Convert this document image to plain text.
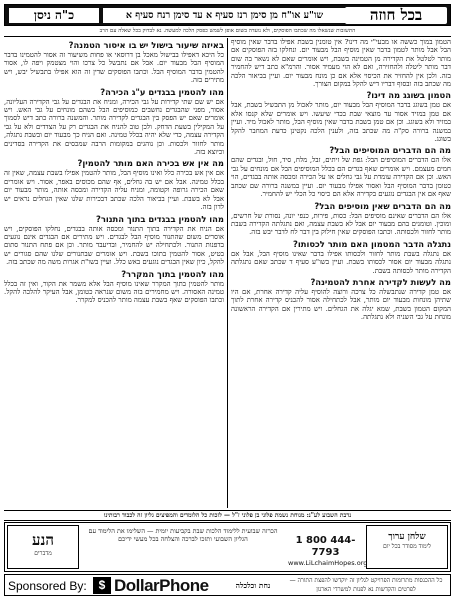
כ"ה ניסן	שו"ע או"ח מן סימן רנז סעיף א עד סימן רנח סעיף א	בכל חוזה
התשובות שנשאלו מה שכתבו הפוסקים, ולא נועדה בשום אופן לשמש כפסק הלכה למעשה. נא לבדוק בכל שאלה עם הרב
הטמון במוך כששה או מבעי"י מה דינו? אין טומנין בשבת אפילו בדבר שאין מוסיף הבל אבל מותר לטמון בדבר שאין מוסיף הבל מבעוד יום. ונחלקו בזה הפוסקים אם מותר לטלטל את הקדירה מן הטמינה בשבת, ויש אומרים שאם לא נשאר בה שום דבר מותר ליטלה ולהחזירה, ואם לא הוי מעמיד אסור. והרמ"א כתב דיש להחמיר בזה. ולכן אין להחזיר את הכיסוי אלא אם כן מונח מבעוד יום. ועיין בביאור הלכה מה שכתב בזה ובסוף דבריו דיש להקל במקום הצורך.
הטמון בשוגג מה דינו?
אם טמן בשוגג בדבר המוסיף הבל מבעוד יום, מותר לאכול מן התבשיל בשבת, אבל אם טמן במזיד אסור עד מוצאי שבת בכדי שיעשו. ויש אומרים שלא קנסו אלא במזיד ולא בשוגג. וכן אם טמן בשבת בדבר שאין מוסיף הבל, מותר לאכול מיד. ועיין במשנה ברורה סק"ה מה שכתב בזה, ולענין הלכה נקטינן כדעת המחבר להקל בשוגג.
מה הם הדברים המוסיפים הבל?
אלו הם הדברים המוסיפים הבל: גפת של זיתים, זבל, מלח, סיד, חול, ובגדים שהם חמים מעצמם. ויש אומרים שאף בגדים הם בכלל המוסיפים הבל אם מונחים על גבי האש. וכן אם הקדירה עומדת על גבי גחלים או על הכירה ומכסה אותה בבגדים, הוי כטומן בדבר המוסיף הבל ואסור אפילו מבעוד יום. ועיין במשנה ברורה שם שכתב שאף אם אין הבגדים נוגעים בקדירה אלא הם כיסוי כל הכלי יש להחמיר.
מה הם הדברים שאין מוסיפים הבל?
אלו הם הדברים שאינם מוסיפים הבל: כסות, פירות, כנפי יונה, נסורת של חרשים, ומוכין. וטומנים בהם מבעוד יום אבל לא בשבת עצמה, ואם נתגלתה הקדירה בשבת מותר לחזור ולכסותה. וכתבו הפוסקים שאין חילוק בין דבר לח לדבר יבש בזה.
נתגלה הדבר המטמון האם מותר לכסותו?
אם נתגלה בשבת מותר לחזור ולכסותו אפילו בדבר שאינו מוסיף הבל, אבל אם נתגלה מבעוד יום אסור לכסותו בשבת. ועיין בשו"ע סעיף ד שכתב שאם נתגלתה הקדירה מותר לכסותה בשבת.
מה לעשות לקדירה אחרת להטמינה?
אם טמן קדירה שנתבשלה כל צרכה ורוצה להוסיף עליה קדירה אחרת, אם היו שתיהן מונחות מבעוד יום מותר, אבל לכתחילה אסור להכניס קדירה אחרת לתוך המקום הטמון בשבת, שמא יגלה את הגחלים. ויש מתירין אם הקדירה הראשונה מונחת על גבי השניה ולא נתגלתה.
באיזה שיעור בישול יש בו איסור הטמנה?
כל היכא דאפילו בבישול מאכל בן דרוסאי או פחות משיעור זה אסור להטמינו בדבר המוסיף הבל מבעוד יום. אבל אם נתבשל כל צרכו והוי מצטמק ויפה לו, אסור להטמין בדבר המוסיף הבל. וכתבו הפוסקים שדין זה הוא אפילו בתבשיל יבש, ויש מתירים בזה.
מהו להטמין בבגדים ע"ג הכירה?
אם יש שם שתי קדירות על גבי הכירה, ומניח את הבגדים על גבי הקדירה העליונה, אסור, מפני שהבגדים נחשבים כמוסיפים הבל כשהם מונחים על גבי האש. ויש אומרים שאם יש הפסק בין הבגדים לקדירה מותר. והמשנה ברורה כתב דיש לסמוך על המקילין בשעת הדחק. ולכן טוב להניח את הבגדים רק על הצדדים ולא על גבי הקדירה עצמה, כדי שלא יהיה בכלל טמינה. ואם הניח כך מבעוד יום ובשבת נתגלה, מותר לחזור ולכסות. וכן נוהגים במקומות הרבה שמכסים את הקדירה בסדינים וכיוצא בזה.
מה אין אש בכירה האם מותר להטמין?
אם אין אש בכירה כלל ואינו מוסיף הבל, מותר להטמין אפילו בשבת עצמה, שאין זה בכלל טמינה. אבל אם יש בה גחלים, אף שהם מכוסים באפר, אסור. ויש אומרים שאם הכירה גרופה וקטומה, ומניח עליה הקדירה ומכסה אותה, מותר מבעוד יום אבל לא בשבת. ועיין בביאור הלכה שכתב דבכירות שלנו שאין הגחלים נראים יש לדון בזה.
מהו להטמין בבגדים בתוך התנור?
אם הניח את הקדירה בתוך התנור ומכסה אותה בבגדים, נחלקו הפוסקים, ויש אוסרים משום שהתנור מוסיף הבל לבגדים. ויש מתירים אם הבגדים אינם נוגעים בדפנות התנור. ולכתחילה יש להחמיר, ובדיעבד מותר. וכן אם פתח התנור סתום בטיט, אסור להטמין בתוכו בשבת. ויש אומרים שבתנורים שלנו שהם סגורים יש להקל, כיון שאין הבגדים נוגעים באש כלל. ועיין בשו"ת אגרות משה מה שכתב בזה.
מהו להטמין בתוך המקרר?
מותר להטמין בתוך המקרר שאינו מוסיף הבל אלא משמר את הקור, ואין זה בכלל טמינה האסורה. ויש מחמירים בזה משום שנראה כטומן, אבל העיקר להלכה להקל. וכתבו הפוסקים שאף בשבת עצמה מותר להכניס למקרר.
נדבת השבוע לע"נ: מנוחת נשמת פלוני בן פלוני ז"ל — לזכות כל הלומדים והמפיצים גליון זה לכבוד רבותינו
הנע
מדברים
הכרזה שבועית ללימוד הלכות שבת בקביעות יומית — השלימו את הלימוד עם הגליון השבועי ותזכו לברכה והצלחה בכל מעשי ידיכם	1 800 444-7793
www.LiLchaimHopes.org
שלחן ערוך
לימוד מסודר בכל יום
Sponsored By: $ DollarPhone	נחת וכלכלה
כל ההכנסות מתרומות הפרויקט לגליון זה יוקדשו להפצת התורה — לפרטים והקדשות נא לפנות למשרדי הארגון
